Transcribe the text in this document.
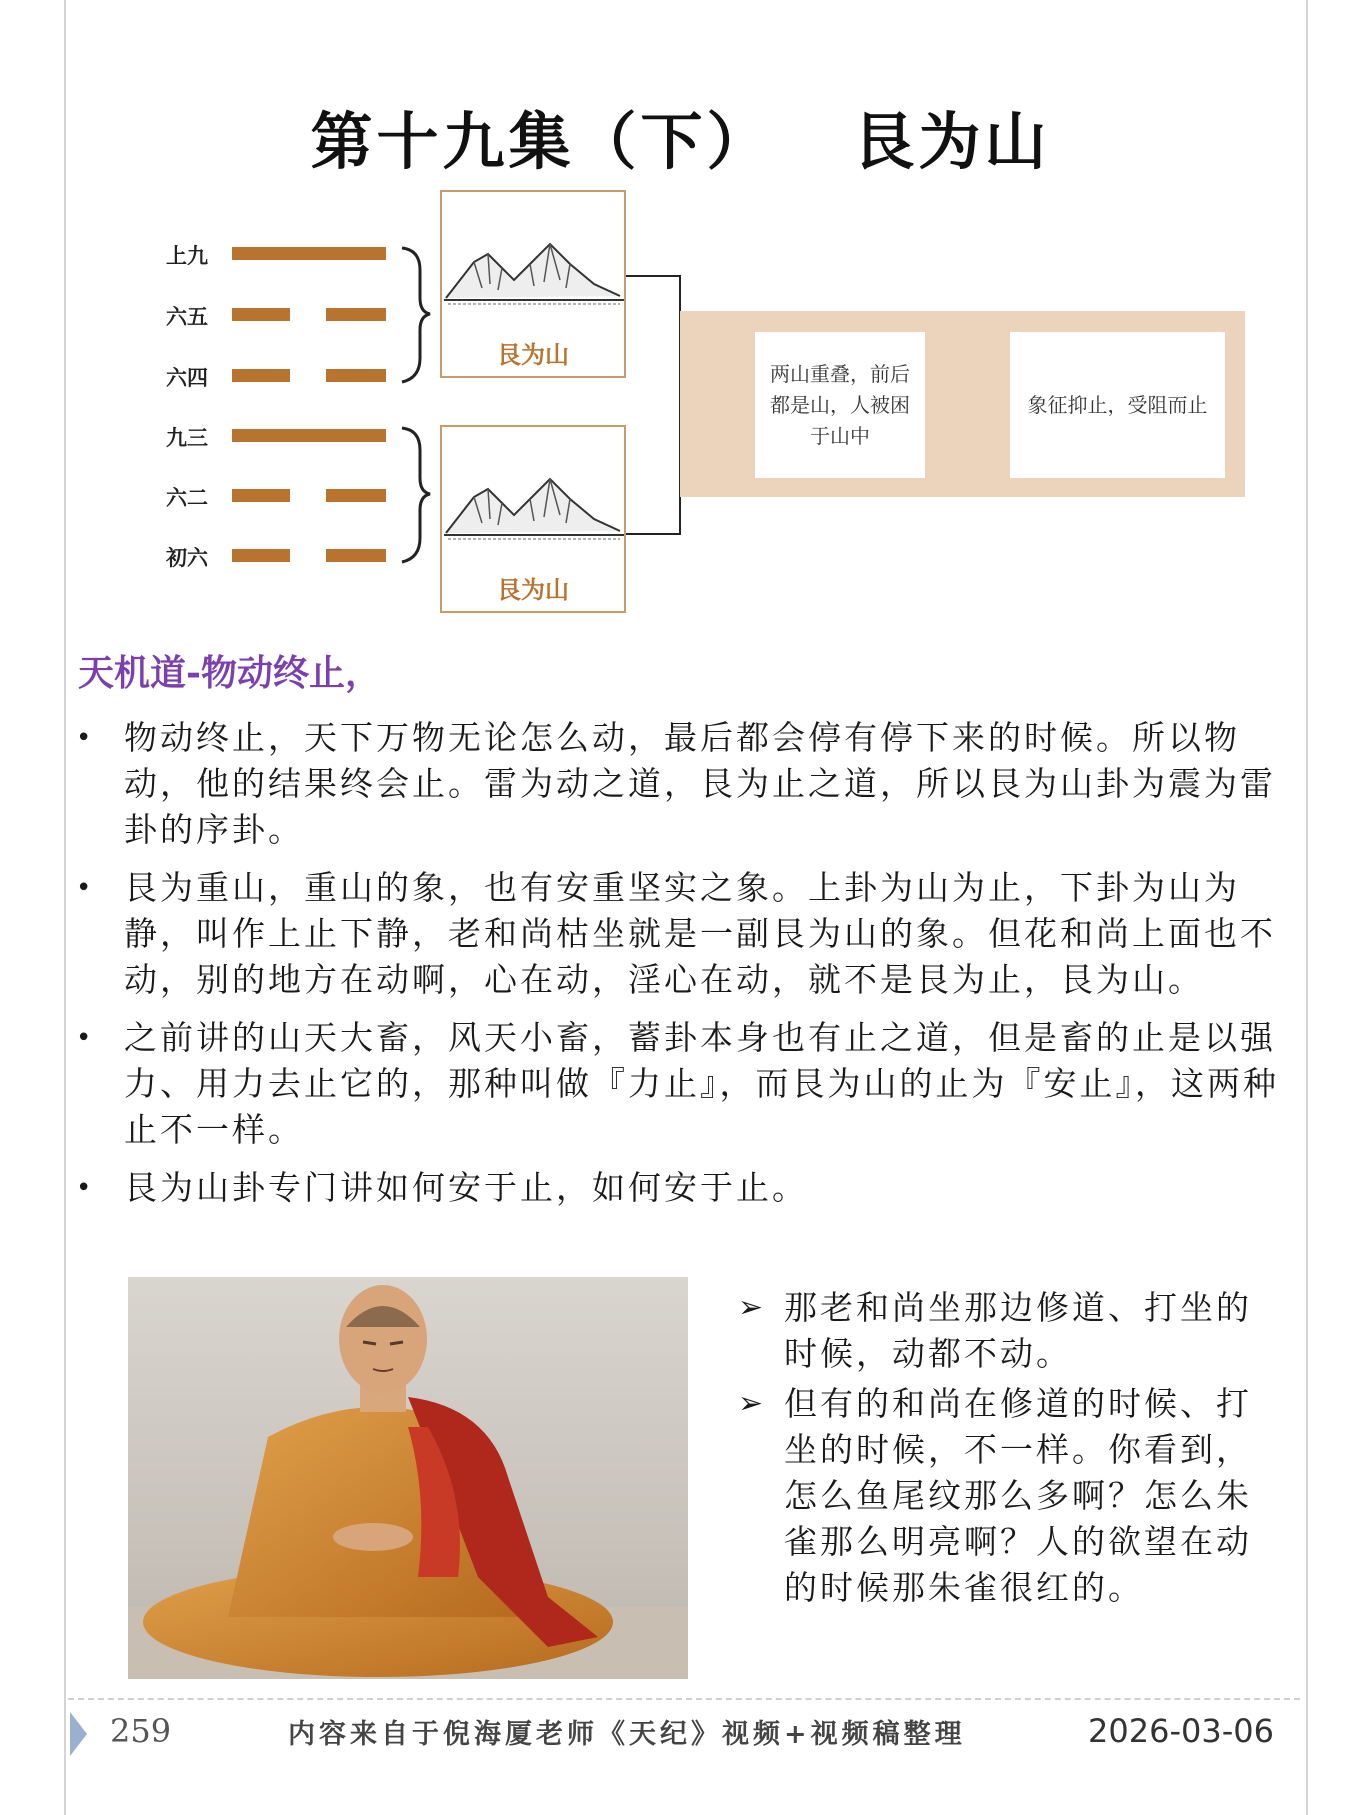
第十九集（下） 艮为山
上九
六五
六四
九三
六二
初六
两山重叠，前后都是山，人被困于山中
象征抑止，受阻而止
艮为山
艮为山
天机道-物动终止，
• 物动终止，天下万物无论怎么动，最后都会停有停下来的时候。所以物动，他的结果终会止。雷为动之道，艮为止之道，所以艮为山卦为震为雷卦的序卦。
• 艮为重山，重山的象，也有安重坚实之象。上卦为山为止，下卦为山为静，叫作上止下静，老和尚枯坐就是一副艮为山的象。但花和尚上面也不动，别的地方在动啊，心在动，淫心在动，就不是艮为止，艮为山。
• 之前讲的山天大畜，风天小畜，蓄卦本身也有止之道，但是畜的止是以强力、用力去止它的，那种叫做『力止』，而艮为山的止为『安止』，这两种止不一样。
• 艮为山卦专门讲如何安于止，如何安于止。
➢ 那老和尚坐那边修道、打坐的时候，动都不动。
➢ 但有的和尚在修道的时候、打坐的时候，不一样。你看到，怎么鱼尾纹那么多啊？怎么朱雀那么明亮啊？人的欲望在动的时候那朱雀很红的。
259	内容来自于倪海厦老师《天纪》视频+视频稿整理	2026-03-06
